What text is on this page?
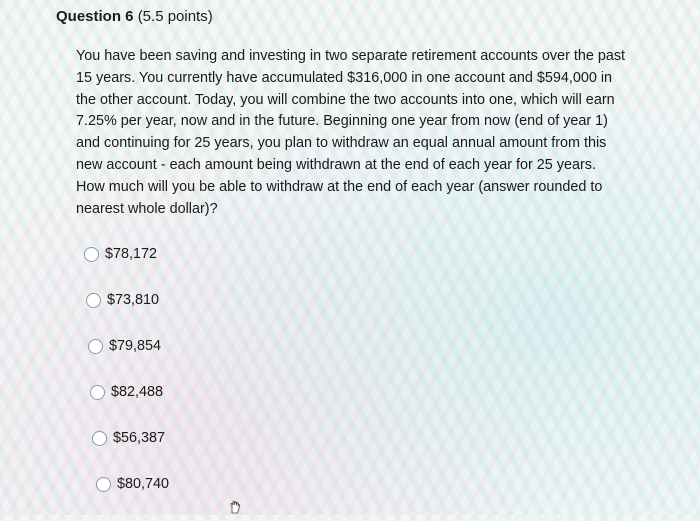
Question 6 (5.5 points)
You have been saving and investing in two separate retirement accounts over the past 15 years. You currently have accumulated $316,000 in one account and $594,000 in the other account. Today, you will combine the two accounts into one, which will earn 7.25% per year, now and in the future. Beginning one year from now (end of year 1) and continuing for 25 years, you plan to withdraw an equal annual amount from this new account - each amount being withdrawn at the end of each year for 25 years. How much will you be able to withdraw at the end of each year (answer rounded to nearest whole dollar)?
$78,172
$73,810
$79,854
$82,488
$56,387
$80,740
